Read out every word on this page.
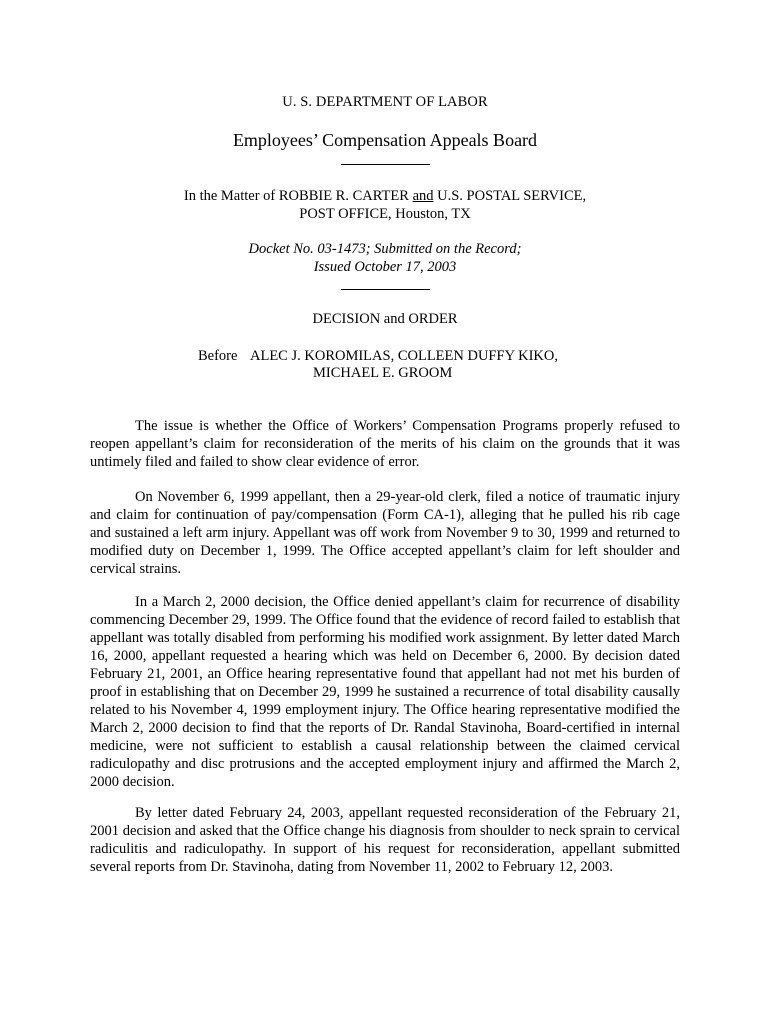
U. S. DEPARTMENT OF LABOR
Employees’ Compensation Appeals Board
In the Matter of ROBBIE R. CARTER and U.S. POSTAL SERVICE,
POST OFFICE, Houston, TX
Docket No. 03-1473; Submitted on the Record;
Issued October 17, 2003
DECISION and ORDER
Before ALEC J. KOROMILAS, COLLEEN DUFFY KIKO,
MICHAEL E. GROOM

The issue is whether the Office of Workers’ Compensation Programs properly refused to reopen appellant’s claim for reconsideration of the merits of his claim on the grounds that it was untimely filed and failed to show clear evidence of error.

On November 6, 1999 appellant, then a 29-year-old clerk, filed a notice of traumatic injury and claim for continuation of pay/compensation (Form CA-1), alleging that he pulled his rib cage and sustained a left arm injury. Appellant was off work from November 9 to 30, 1999 and returned to modified duty on December 1, 1999. The Office accepted appellant’s claim for left shoulder and cervical strains.

In a March 2, 2000 decision, the Office denied appellant’s claim for recurrence of disability commencing December 29, 1999. The Office found that the evidence of record failed to establish that appellant was totally disabled from performing his modified work assignment. By letter dated March 16, 2000, appellant requested a hearing which was held on December 6, 2000. By decision dated February 21, 2001, an Office hearing representative found that appellant had not met his burden of proof in establishing that on December 29, 1999 he sustained a recurrence of total disability causally related to his November 4, 1999 employment injury. The Office hearing representative modified the March 2, 2000 decision to find that the reports of Dr. Randal Stavinoha, Board-certified in internal medicine, were not sufficient to establish a causal relationship between the claimed cervical radiculopathy and disc protrusions and the accepted employment injury and affirmed the March 2, 2000 decision.

By letter dated February 24, 2003, appellant requested reconsideration of the February 21, 2001 decision and asked that the Office change his diagnosis from shoulder to neck sprain to cervical radiculitis and radiculopathy. In support of his request for reconsideration, appellant submitted several reports from Dr. Stavinoha, dating from November 11, 2002 to February 12, 2003.
